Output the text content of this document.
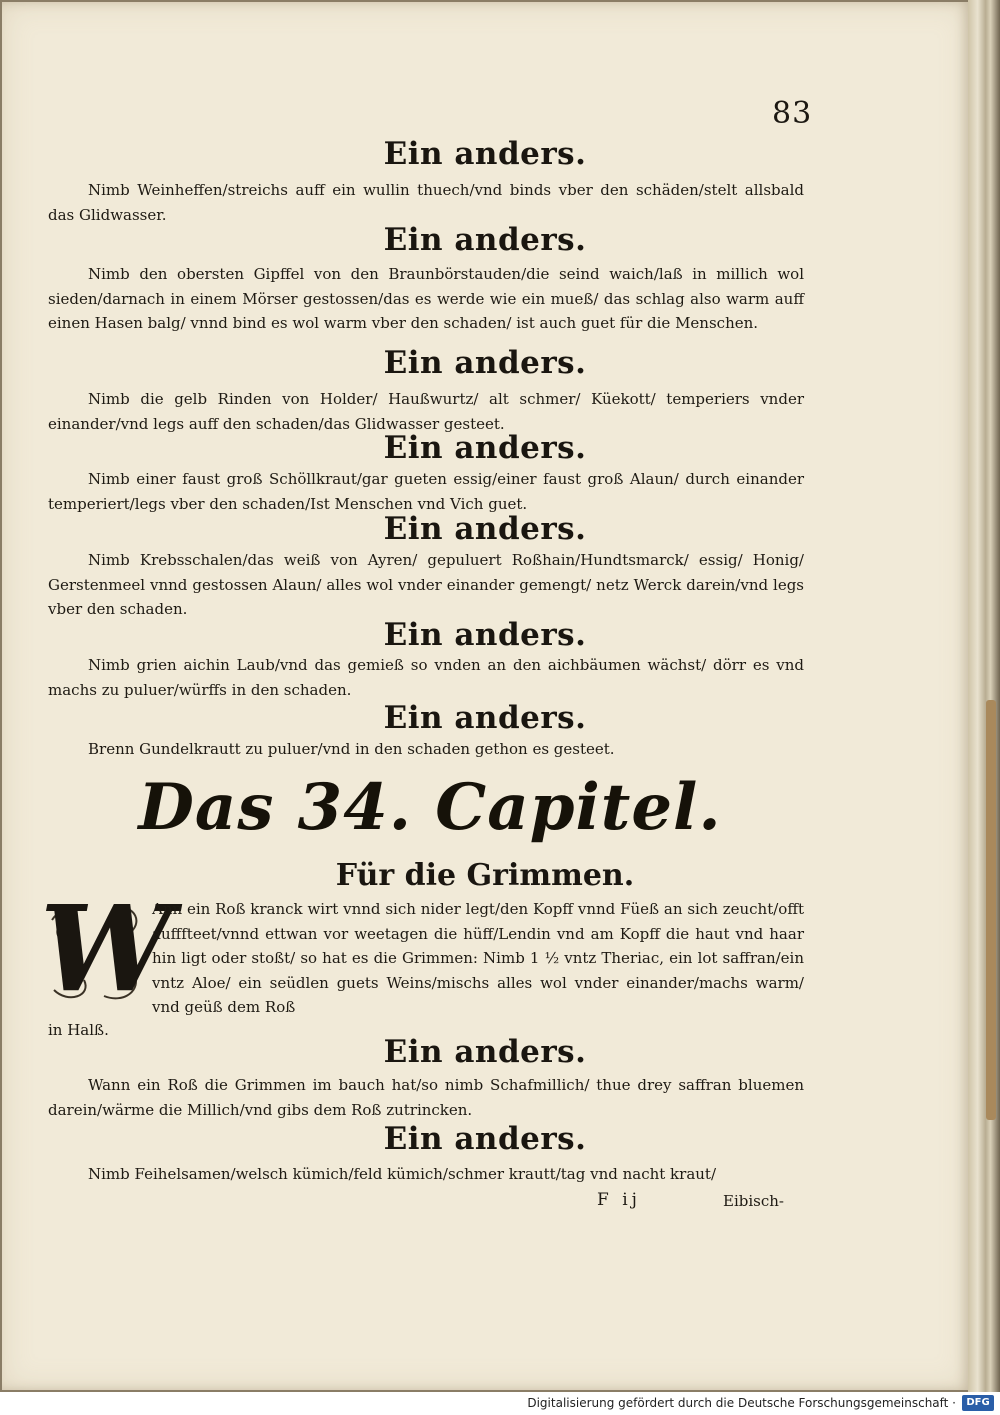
83
Ein anders.

Nimb Weinheffen/streichs auff ein wullin thuech/vnd binds vber den schäden/stelt allsbald das Glidwasser.

Ein anders.

Nimb den obersten Gipffel von den Braunbörstauden/die seind waich/laß in millich wol sieden/darnach in einem Mörser gestossen/das es werde wie ein mueß/ das schlag also warm auff einen Hasen balg/ vnnd bind es wol warm vber den schaden/ ist auch guet für die Menschen.

Ein anders.

Nimb die gelb Rinden von Holder/ Haußwurtz/ alt schmer/ Küekott/ temperiers vnder einander/vnd legs auff den schaden/das Glidwasser gesteet.

Ein anders.

Nimb einer faust groß Schöllkraut/gar gueten essig/einer faust groß Alaun/ durch einander temperiert/legs vber den schaden/Ist Menschen vnd Vich guet.

Ein anders.

Nimb Krebsschalen/das weiß von Ayren/ gepuluert Roßhain/Hundtsmarck/ essig/ Honig/ Gerstenmeel vnnd gestossen Alaun/ alles wol vnder einander gemengt/ netz Werck darein/vnd legs vber den schaden.

Ein anders.

Nimb grien aichin Laub/vnd das gemieß so vnden an den aichbäumen wächst/ dörr es vnd machs zu puluer/würffs in den schaden.

Ein anders.

Brenn Gundelkrautt zu puluer/vnd in den schaden gethon es gesteet.

Das 34. Capitel.
Für die Grimmen.
W

Ann ein Roß kranck wirt vnnd sich nider legt/den Kopff vnnd Füeß an sich zeucht/offt aufffteet/vnnd ettwan vor weetagen die hüff/Lendin vnd am Kopff die haut vnd haar hin ligt oder stoßt/ so hat es die Grimmen: Nimb 1 ½ vntz Theriac, ein lot saffran/ein vntz Aloe/ ein seüdlen guets Weins/mischs alles wol vnder einander/machs warm/ vnd geüß dem Roß

in Halß.

Ein anders.

Wann ein Roß die Grimmen im bauch hat/so nimb Schafmillich/ thue drey saffran bluemen darein/wärme die Millich/vnd gibs dem Roß zutrincken.

Ein anders.

Nimb Feihelsamen/welsch kümich/feld kümich/schmer krautt/tag vnd nacht kraut/

F ij	Eibisch-
Digitalisierung gefördert durch die Deutsche Forschungsgemeinschaft ·	DFG
